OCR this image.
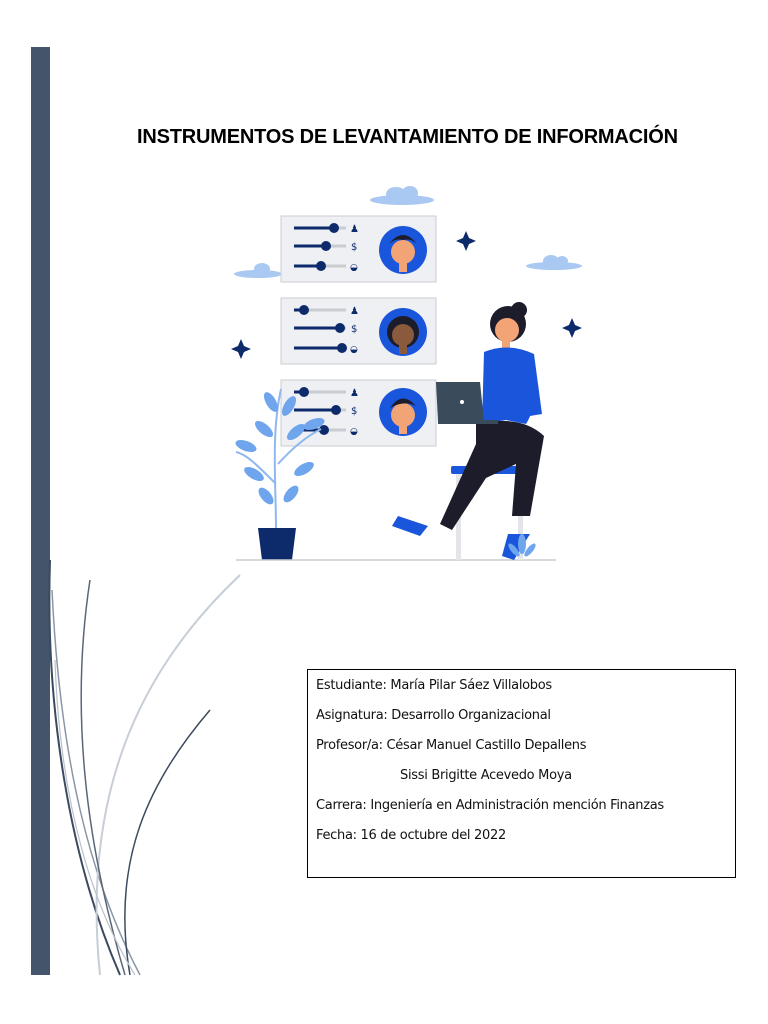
INSTRUMENTOS DE LEVANTAMIENTO DE INFORMACIÓN
♟
$
◒
♟
$
◒
♟
$
◒
Estudiante: María Pilar Sáez Villalobos
Asignatura: Desarrollo Organizacional
Profesor/a: César Manuel Castillo Depallens
Sissi Brigitte Acevedo Moya
Carrera: Ingeniería en Administración mención Finanzas
Fecha: 16 de octubre del 2022
